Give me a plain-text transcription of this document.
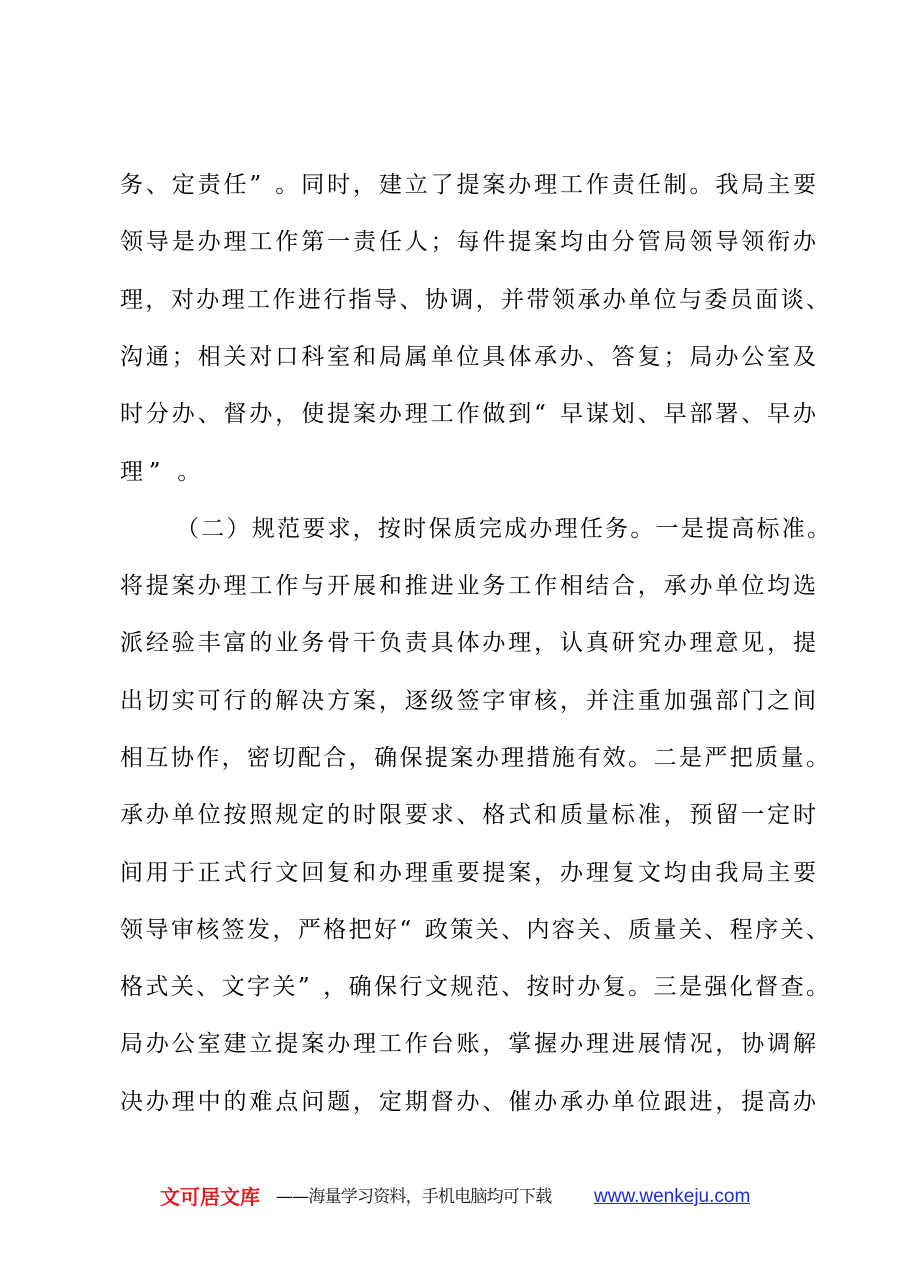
务 、 定 责 任 ” 。 同 时 ， 建 立 了 提 案 办 理 工 作 责 任 制 。 我 局 主 要
领 导 是 办 理 工 作 第 一 责 任 人 ； 每 件 提 案 均 由 分 管 局 领 导 领 衔 办
理 ， 对 办 理 工 作 进 行 指 导 、 协 调 ， 并 带 领 承 办 单 位 与 委 员 面 谈 、
沟 通 ； 相 关 对 口 科 室 和 局 属 单 位 具 体 承 办 、 答 复 ； 局 办 公 室 及
时 分 办 、 督 办 ， 使 提 案 办 理 工 作 做 到 “ 早 谋 划 、 早 部 署 、 早 办
理 ” 。
（ 二 ） 规 范 要 求 ， 按 时 保 质 完 成 办 理 任 务 。 一 是 提 高 标 准 。
将 提 案 办 理 工 作 与 开 展 和 推 进 业 务 工 作 相 结 合 ， 承 办 单 位 均 选
派 经 验 丰 富 的 业 务 骨 干 负 责 具 体 办 理 ， 认 真 研 究 办 理 意 见 ， 提
出 切 实 可 行 的 解 决 方 案 ， 逐 级 签 字 审 核 ， 并 注 重 加 强 部 门 之 间
相 互 协 作 ， 密 切 配 合 ， 确 保 提 案 办 理 措 施 有 效 。 二 是 严 把 质 量 。
承 办 单 位 按 照 规 定 的 时 限 要 求 、 格 式 和 质 量 标 准 ， 预 留 一 定 时
间 用 于 正 式 行 文 回 复 和 办 理 重 要 提 案 ， 办 理 复 文 均 由 我 局 主 要
领 导 审 核 签 发 ， 严 格 把 好 “ 政 策 关 、 内 容 关 、 质 量 关 、 程 序 关 、
格 式 关 、 文 字 关 ” ， 确 保 行 文 规 范 、 按 时 办 复 。 三 是 强 化 督 查 。
局 办 公 室 建 立 提 案 办 理 工 作 台 账 ， 掌 握 办 理 进 展 情 况 ， 协 调 解
决 办 理 中 的 难 点 问 题 ， 定 期 督 办 、 催 办 承 办 单 位 跟 进 ， 提 高 办
文可居文库 ——海量学习资料，手机电脑均可下载 www.wenkeju.com
